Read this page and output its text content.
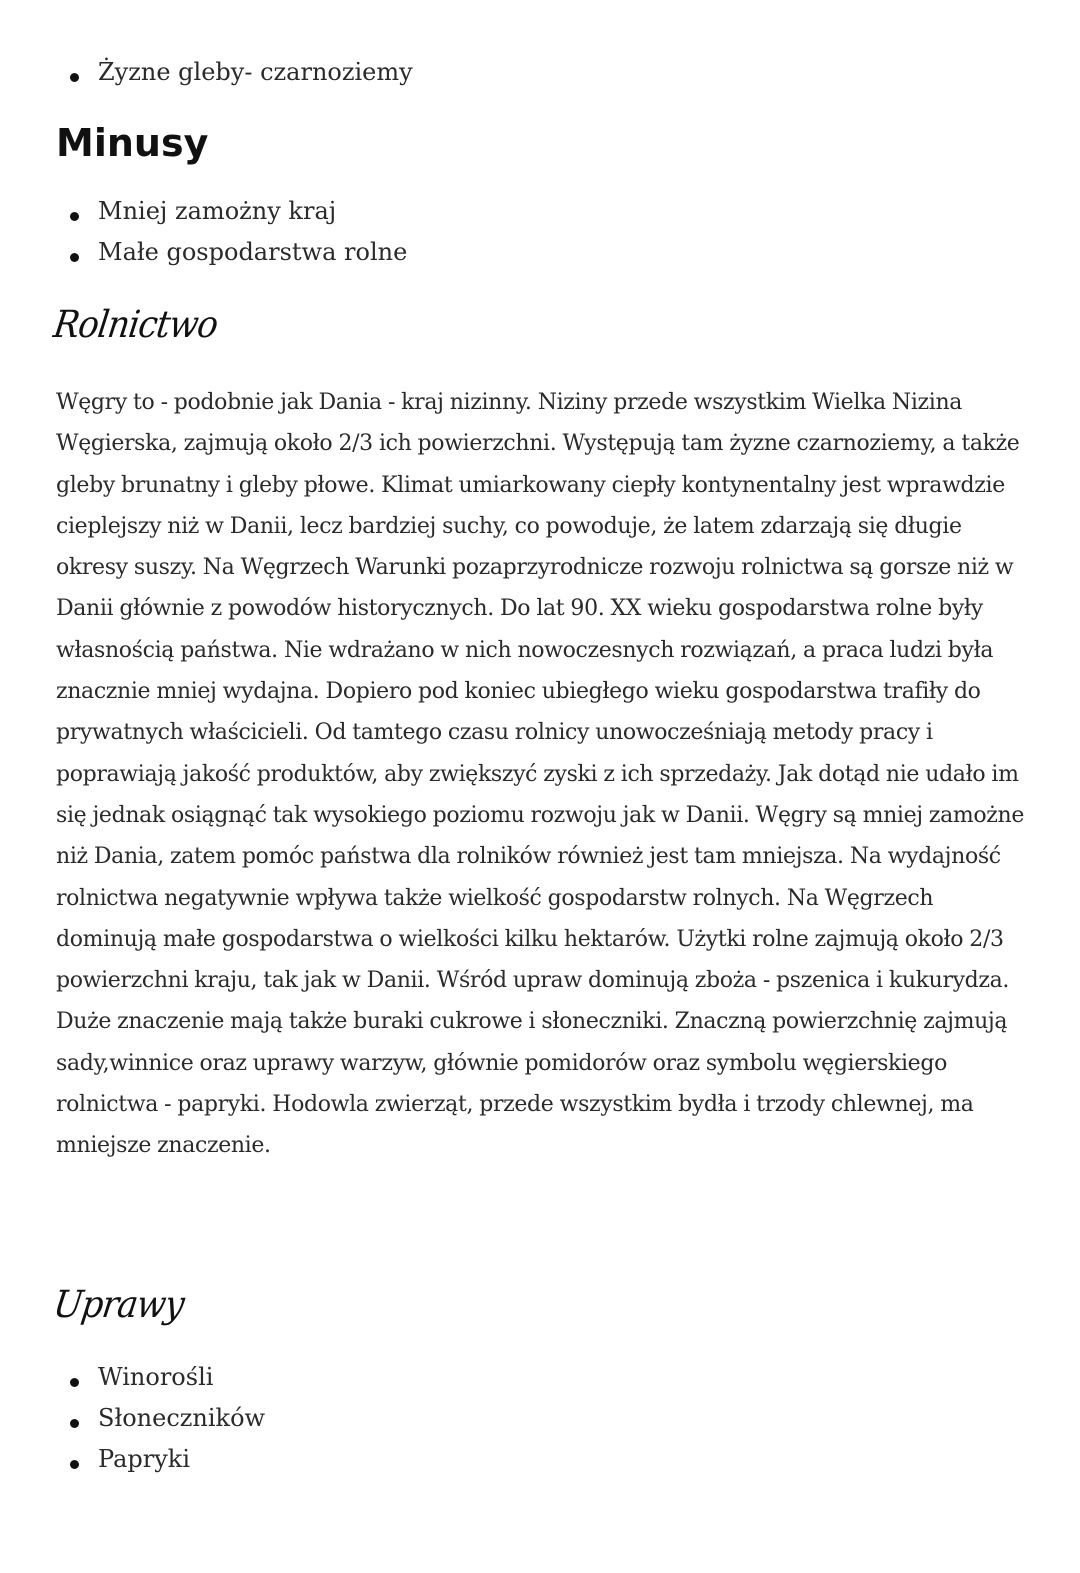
Żyzne gleby- czarnoziemy
Minusy
Mniej zamożny kraj
Małe gospodarstwa rolne
Rolnictwo

Węgry to - podobnie jak Dania - kraj nizinny. Niziny przede wszystkim Wielka Nizina Węgierska, zajmują około 2/3 ich powierzchni. Występują tam żyzne czarnoziemy, a także gleby brunatny i gleby płowe. Klimat umiarkowany ciepły kontynentalny jest wprawdzie cieplejszy niż w Danii, lecz bardziej suchy, co powoduje, że latem zdarzają się długie okresy suszy. Na Węgrzech Warunki pozaprzyrodnicze rozwoju rolnictwa są gorsze niż w Danii głównie z powodów historycznych. Do lat 90. XX wieku gospodarstwa rolne były własnością państwa. Nie wdrażano w nich nowoczesnych rozwiązań, a praca ludzi była znacznie mniej wydajna. Dopiero pod koniec ubiegłego wieku gospodarstwa trafiły do prywatnych właścicieli. Od tamtego czasu rolnicy unowocześniają metody pracy i poprawiają jakość produktów, aby zwiększyć zyski z ich sprzedaży. Jak dotąd nie udało im się jednak osiągnąć tak wysokiego poziomu rozwoju jak w Danii. Węgry są mniej zamożne niż Dania, zatem pomóc państwa dla rolników również jest tam mniejsza. Na wydajność rolnictwa negatywnie wpływa także wielkość gospodarstw rolnych. Na Węgrzech dominują małe gospodarstwa o wielkości kilku hektarów. Użytki rolne zajmują około 2/3 powierzchni kraju, tak jak w Danii. Wśród upraw dominują zboża - pszenica i kukurydza. Duże znaczenie mają także buraki cukrowe i słoneczniki. Znaczną powierzchnię zajmują sady,winnice oraz uprawy warzyw, głównie pomidorów oraz symbolu węgierskiego rolnictwa - papryki. Hodowla zwierząt, przede wszystkim bydła i trzody chlewnej, ma mniejsze znaczenie.

Uprawy
Winorośli
Słoneczników
Papryki
